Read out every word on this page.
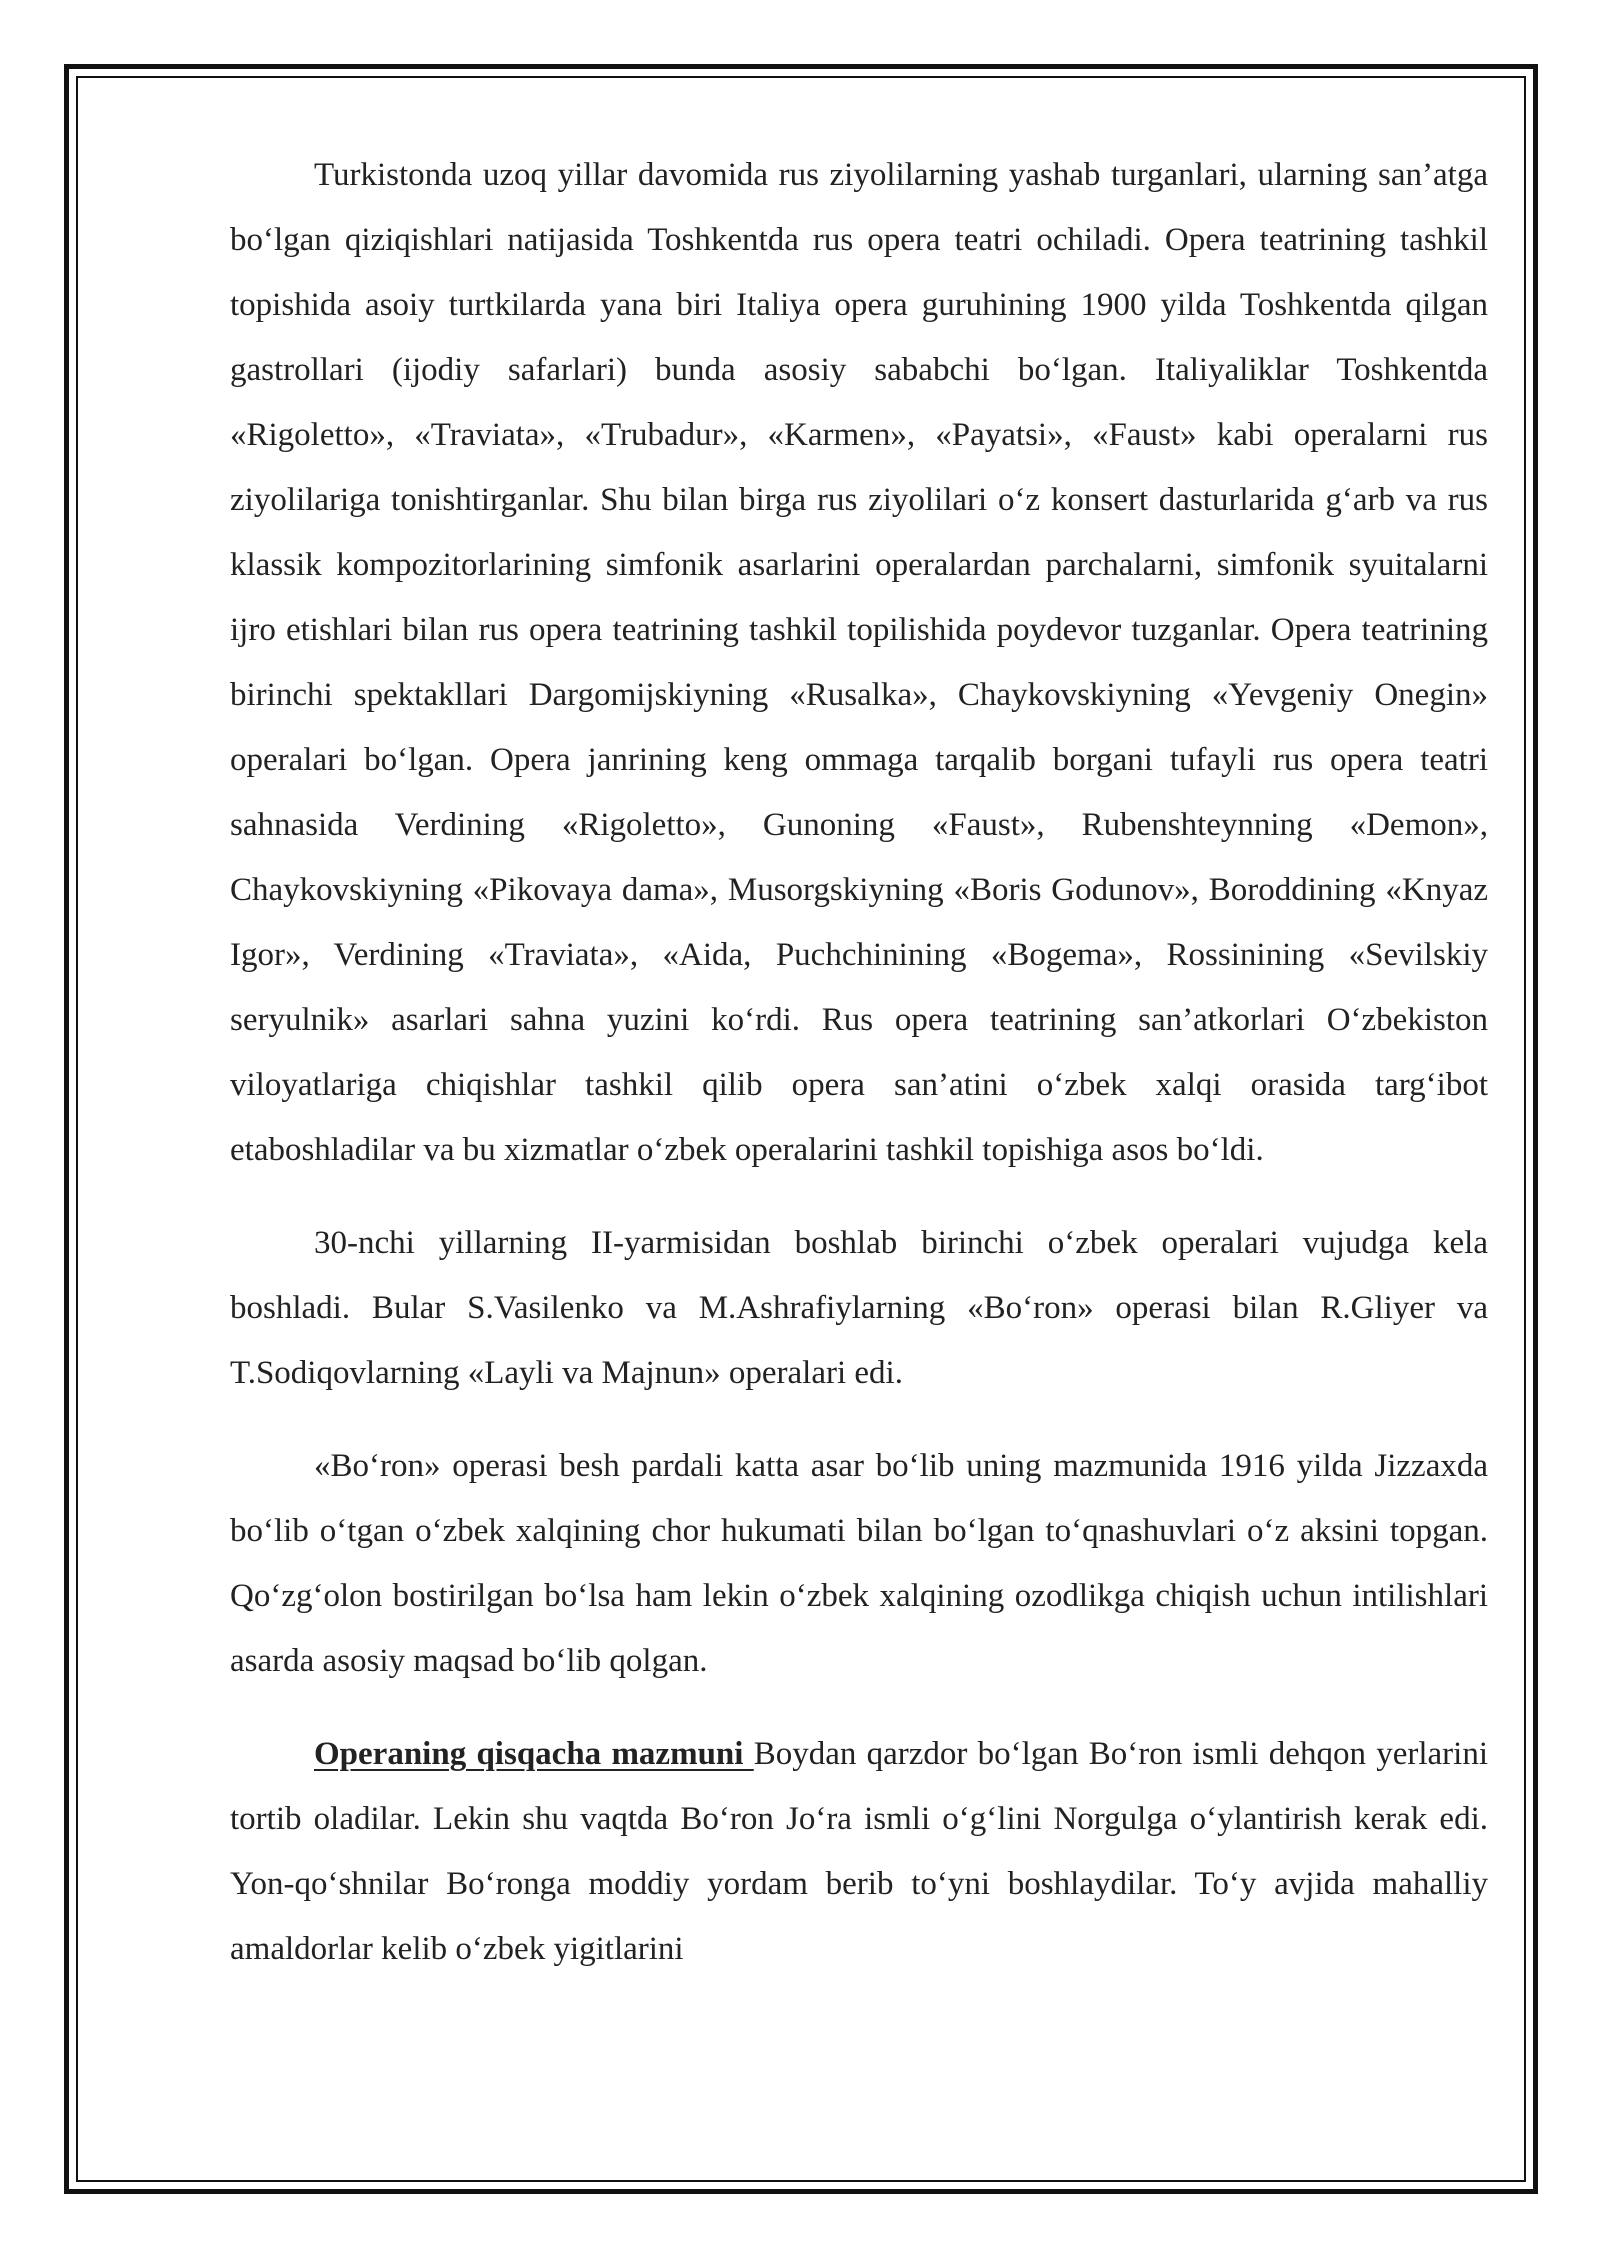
Turkistonda uzoq yillar davomida rus ziyolilarning yashab turganlari, ularning san’atga bo‘lgan qiziqishlari natijasida Toshkentda rus opera teatri ochiladi. Opera teatrining tashkil topishida asoiy turtkilarda yana biri Italiya opera guruhining 1900 yilda Toshkentda qilgan gastrollari (ijodiy safarlari) bunda asosiy sababchi bo‘lgan. Italiyaliklar Toshkentda «Rigoletto», «Traviata», «Trubadur», «Karmen», «Payatsi», «Faust» kabi operalarni rus ziyolilariga tonishtirganlar. Shu bilan birga rus ziyolilari o‘z konsert dasturlarida g‘arb va rus klassik kompozitorlarining simfonik asarlarini operalardan parchalarni, simfonik syuitalarni ijro etishlari bilan rus opera teatrining tashkil topilishida poydevor tuzganlar. Opera teatrining birinchi spektakllari Dargomijskiyning «Rusalka», Chaykovskiyning «Yevgeniy Onegin» operalari bo‘lgan. Opera janrining keng ommaga tarqalib borgani tufayli rus opera teatri sahnasida Verdining «Rigoletto», Gunoning «Faust», Rubenshteynning «Demon», Chaykovskiyning «Pikovaya dama», Musorgskiyning «Boris Godunov», Boroddining «Knyaz Igor», Verdining «Traviata», «Aida, Puchchinining «Bogema», Rossinining «Sevilskiy seryulnik» asarlari sahna yuzini ko‘rdi. Rus opera teatrining san’atkorlari O‘zbekiston viloyatlariga chiqishlar tashkil qilib opera san’atini o‘zbek xalqi orasida targ‘ibot etaboshladilar va bu xizmatlar o‘zbek operalarini tashkil topishiga asos bo‘ldi.

30-nchi yillarning II-yarmisidan boshlab birinchi o‘zbek operalari vujudga kela boshladi. Bular S.Vasilenko va M.Ashrafiylarning «Bo‘ron» operasi bilan R.Gliyer va T.Sodiqovlarning «Layli va Majnun» operalari edi.

«Bo‘ron» operasi besh pardali katta asar bo‘lib uning mazmunida 1916 yilda Jizzaxda bo‘lib o‘tgan o‘zbek xalqining chor hukumati bilan bo‘lgan to‘qnashuvlari o‘z aksini topgan. Qo‘zg‘olon bostirilgan bo‘lsa ham lekin o‘zbek xalqining ozodlikga chiqish uchun intilishlari asarda asosiy maqsad bo‘lib qolgan.

Operaning qisqacha mazmuni Boydan qarzdor bo‘lgan Bo‘ron ismli dehqon yerlarini tortib oladilar. Lekin shu vaqtda Bo‘ron Jo‘ra ismli o‘g‘lini Norgulga o‘ylantirish kerak edi. Yon-qo‘shnilar Bo‘ronga moddiy yordam berib to‘yni boshlaydilar. To‘y avjida mahalliy amaldorlar kelib o‘zbek yigitlarini
